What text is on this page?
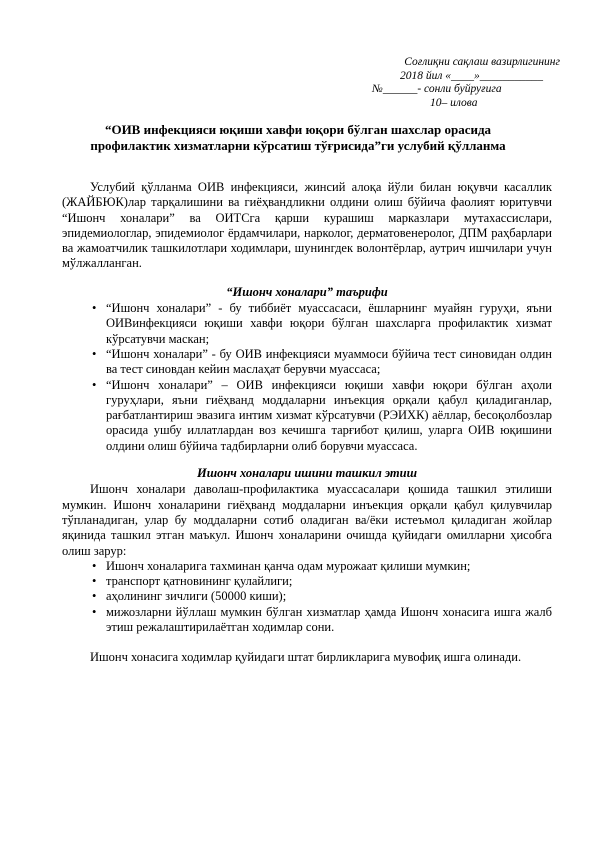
Соғлиқни сақлаш вазирлигининг
2018 йил «____»___________
№______- сонли буйруғига
10– илова
“ОИВ инфекцияси юқиши хавфи юқори бўлган шахслар орасида
профилактик хизматларни кўрсатиш тўғрисида”ги услубий қўлланма

Услубий қўлланма ОИВ инфекцияси, жинсий алоқа йўли билан юқувчи касаллик (ЖАЙБЮК)лар тарқалишини ва гиёҳвандликни олдини олиш бўйича фаолият юритувчи “Ишонч хоналари” ва ОИТСга қарши курашиш марказлари мутахассислари, эпидемиологлар, эпидемиолог ёрдамчилари, нарколог, дерматовенеролог, ДПМ раҳбарлари ва жамоатчилик ташкилотлари ходимлари, шунингдек волонтёрлар, аутрич ишчилари учун мўлжалланган.

“Ишонч хоналари” таърифи

• “Ишонч хоналари” - бу тиббиёт муассасаси, ёшларнинг муайян гуруҳи, яъни ОИВинфекцияси юқиши хавфи юқори бўлган шахсларга профилактик хизмат кўрсатувчи маскан;
• “Ишонч хоналари” - бу ОИВ инфекцияси муаммоси бўйича тест синовидан олдин ва тест синовдан кейин маслаҳат берувчи муассаса;
• “Ишонч хоналари” – ОИВ инфекцияси юқиши хавфи юқори бўлган аҳоли гуруҳлари, яъни гиёҳванд моддаларни инъекция орқали қабул қиладиганлар, рағбатлантириш эвазига интим хизмат кўрсатувчи (РЭИХК) аёллар, бесоқолбозлар орасида ушбу иллатлардан воз кечишга тарғибот қилиш, уларга ОИВ юқишини олдини олиш бўйича тадбирларни олиб борувчи муассаса.

Ишонч хоналари ишини ташкил этиш

Ишонч хоналари даволаш-профилактика муассасалари қошида ташкил этилиши мумкин. Ишонч хоналарини гиёҳванд моддаларни инъекция орқали қабул қилувчилар тўпланадиган, улар бу моддаларни сотиб оладиган ва/ёки истеъмол қиладиган жойлар яқинида ташкил этган маъкул. Ишонч хоналарини очишда қуйидаги омилларни ҳисобга олиш зарур:

• Ишонч хоналарига тахминан қанча одам мурожаат қилиши мумкин;
• транспорт қатновининг қулайлиги;
• аҳолининг зичлиги (50000 киши);
• мижозларни йўллаш мумкин бўлган хизматлар ҳамда Ишонч хонасига ишга жалб этиш режалаштирилаётган ходимлар сони.

Ишонч хонасига ходимлар қуйидаги штат бирликларига мувофиқ ишга олинади.
